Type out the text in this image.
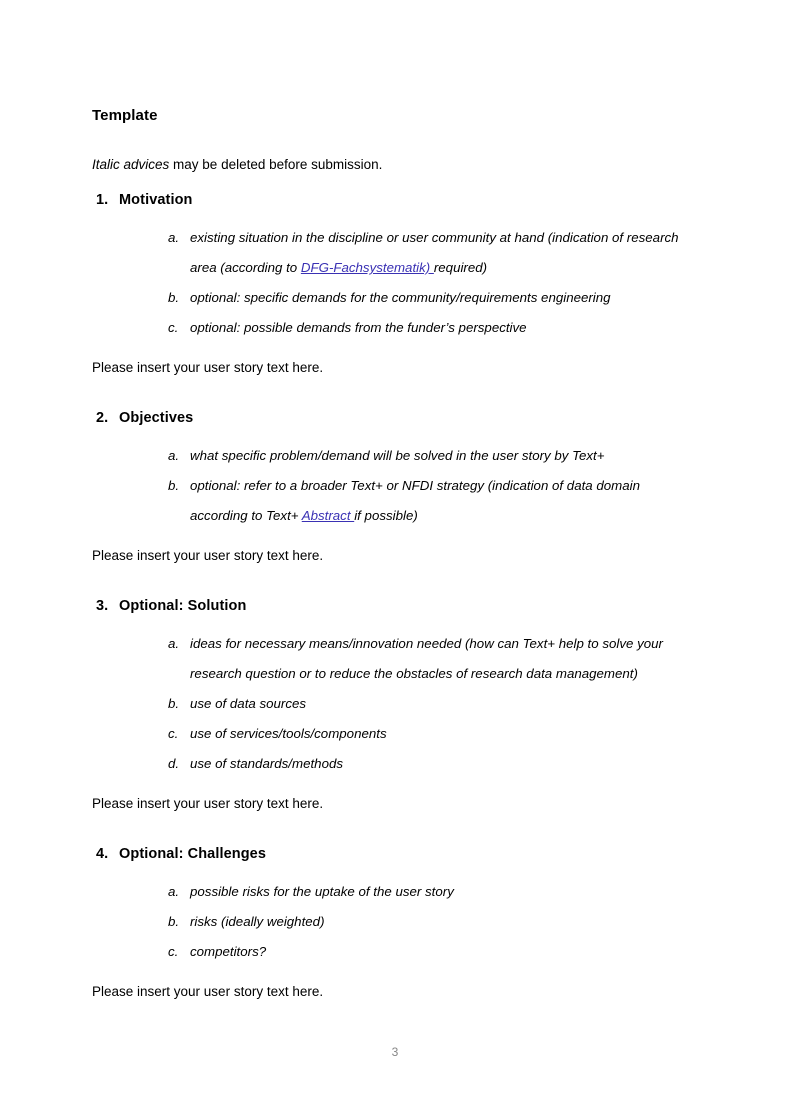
Template

Italic advices may be deleted before submission.

1. Motivation
a. existing situation in the discipline or user community at hand (indication of research area (according to DFG-Fachsystematik) required)
b. optional: specific demands for the community/requirements engineering
c. optional: possible demands from the funder’s perspective

Please insert your user story text here.

2. Objectives
a. what specific problem/demand will be solved in the user story by Text+
b. optional: refer to a broader Text+ or NFDI strategy (indication of data domain according to Text+ Abstract if possible)

Please insert your user story text here.

3. Optional: Solution
a. ideas for necessary means/innovation needed (how can Text+ help to solve your research question or to reduce the obstacles of research data management)
b. use of data sources
c. use of services/tools/components
d. use of standards/methods

Please insert your user story text here.

4. Optional: Challenges
a. possible risks for the uptake of the user story
b. risks (ideally weighted)
c. competitors?

Please insert your user story text here.

3
